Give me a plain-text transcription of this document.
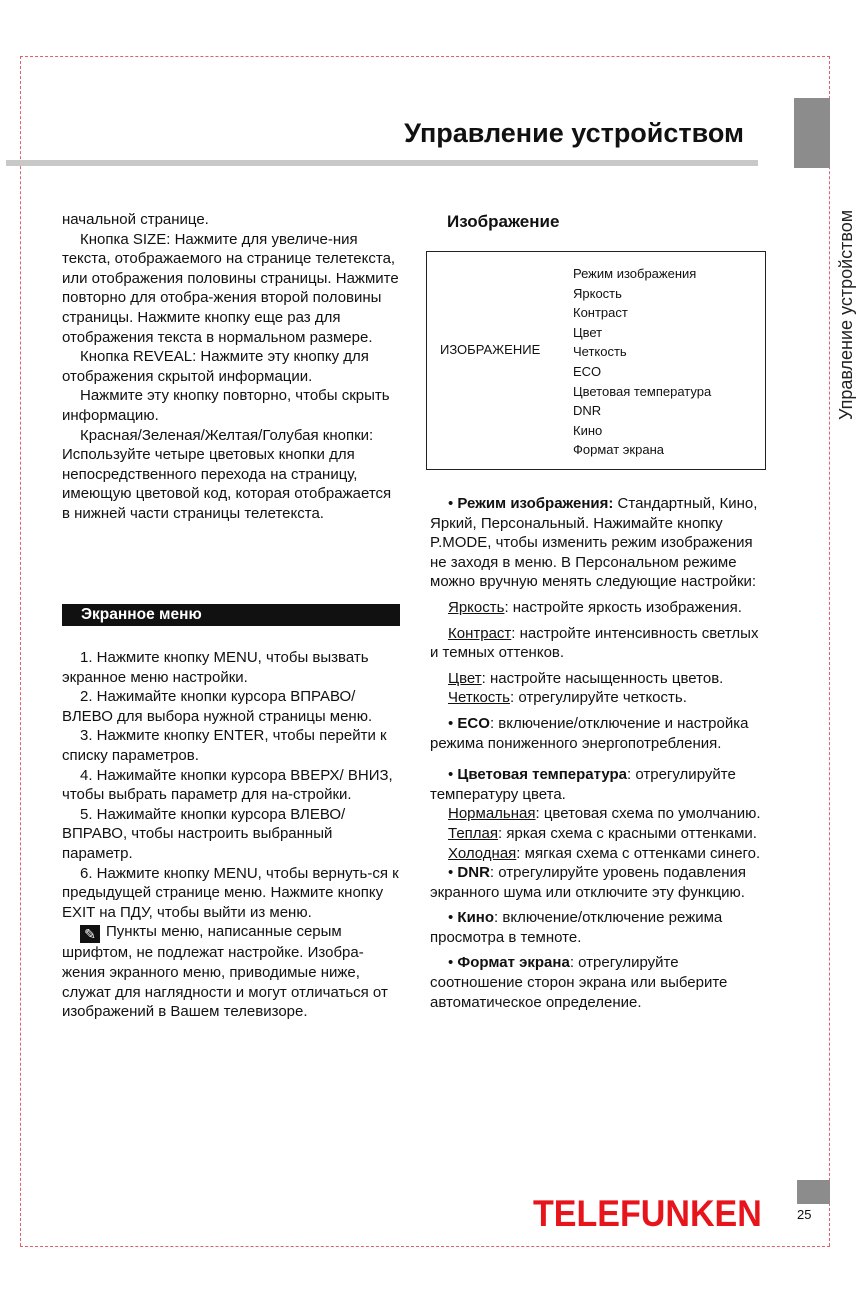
Управление устройством
Управление устройством

начальной странице.

Кнопка SIZE: Нажмите для увеличе-ния текста, отображаемого на странице телетекста, или отображения половины страницы. Нажмите повторно для отобра-жения второй половины страницы. Нажмите кнопку еще раз для отображения текста в нормальном размере.

Кнопка REVEAL: Нажмите эту кнопку для отображения скрытой информации.

Нажмите эту кнопку повторно, чтобы скрыть информацию.

Красная/Зеленая/Желтая/Голубая кнопки: Используйте четыре цветовых кнопки для непосредственного перехода на страницу, имеющую цветовой код, которая отображается в нижней части страницы телетекста.

Экранное меню

1. Нажмите кнопку MENU, чтобы вызвать экранное меню настройки.

2. Нажимайте кнопки курсора ВПРАВО/ ВЛЕВО для выбора нужной страницы меню.

3. Нажмите кнопку ENTER, чтобы перейти к списку параметров.

4. Нажимайте кнопки курсора ВВЕРХ/ ВНИЗ, чтобы выбрать параметр для на-стройки.

5. Нажимайте кнопки курсора ВЛЕВО/ ВПРАВО, чтобы настроить выбранный параметр.

6. Нажмите кнопку MENU, чтобы вернуть-ся к предыдущей странице меню. Нажмите кнопку EXIT на ПДУ, чтобы выйти из меню.

✎ Пункты меню, написанные серым шрифтом, не подлежат настройке. Изобра-жения экранного меню, приводимые ниже, служат для наглядности и могут отличаться от изображений в Вашем телевизоре.

Изображение
ИЗОБРАЖЕНИЕ
Режим изображения
Яркость
Контраст
Цвет
Четкость
ECO
Цветовая температура
DNR
Кино
Формат экрана

• Режим изображения: Стандартный, Кино, Яркий, Персональный. Нажимайте кнопку P.MODE, чтобы изменить режим изображения не заходя в меню. В Персональном режиме можно вручную менять следующие настройки:

Яркость: настройте яркость изображения.

Контраст: настройте интенсивность светлых и темных оттенков.

Цвет: настройте насыщенность цветов.

Четкость: отрегулируйте четкость.

• ECO: включение/отключение и настройка режима пониженного энергопотребления.

• Цветовая температура: отрегулируйте температуру цвета.

Нормальная: цветовая схема по умолчанию.

Теплая: яркая схема с красными оттенками.

Холодная: мягкая схема с оттенками синего.

• DNR: отрегулируйте уровень подавления экранного шума или отключите эту функцию.

• Кино: включение/отключение режима просмотра в темноте.

• Формат экрана: отрегулируйте соотношение сторон экрана или выберите автоматическое определение.

TELEFUNKEN	25
